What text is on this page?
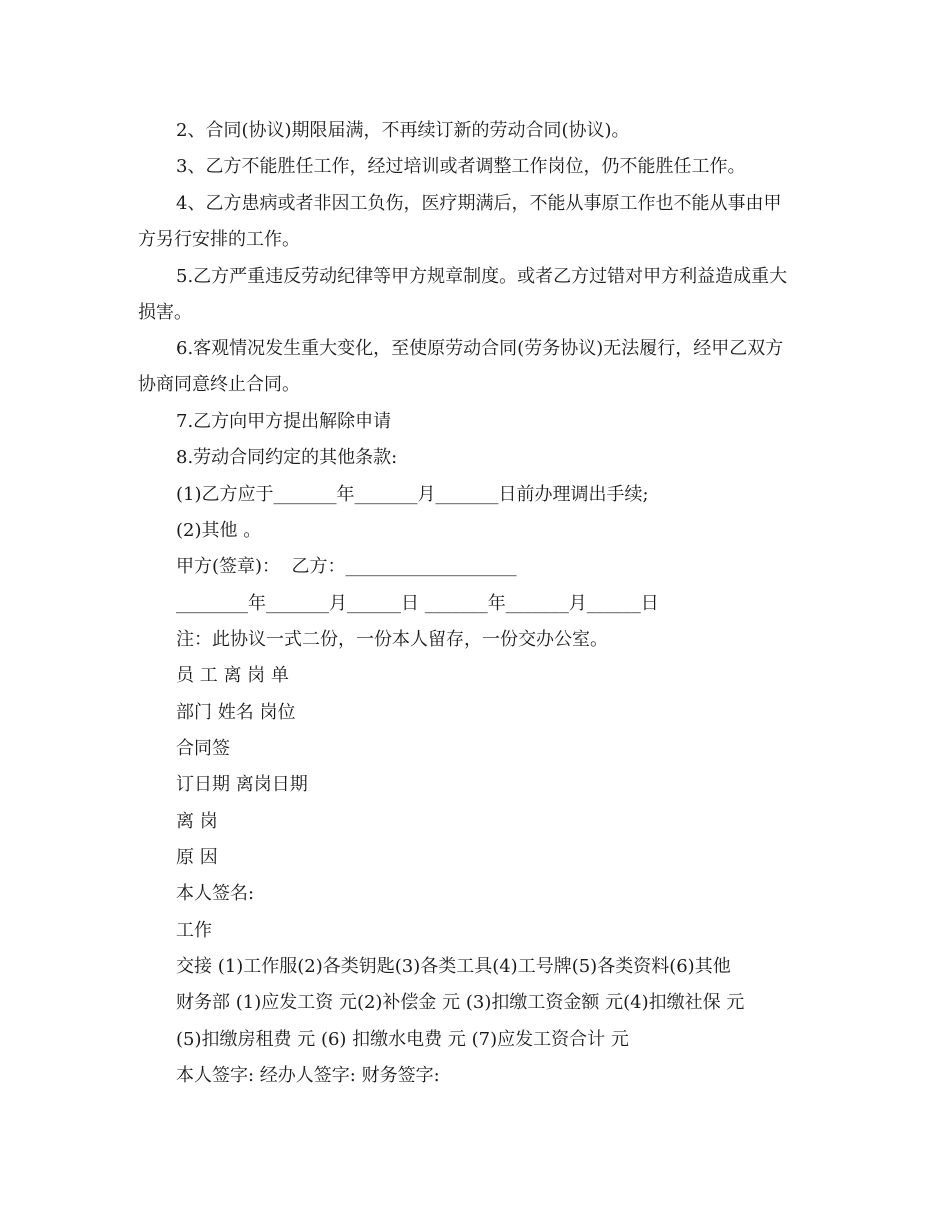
2、合同(协议)期限届满，不再续订新的劳动合同(协议)。
3、乙方不能胜任工作，经过培训或者调整工作岗位，仍不能胜任工作。
4、乙方患病或者非因工负伤，医疗期满后，不能从事原工作也不能从事由甲
方另行安排的工作。
5.乙方严重违反劳动纪律等甲方规章制度。或者乙方过错对甲方利益造成重大
损害。
6.客观情况发生重大变化，至使原劳动合同(劳务协议)无法履行，经甲乙双方
协商同意终止合同。
7.乙方向甲方提出解除申请
8.劳动合同约定的其他条款:
(1)乙方应于_______年_______月_______日前办理调出手续;
(2)其他 。
甲方(签章)：  乙方：___________________
________年_______月______日 _______年_______月______日
注：此协议一式二份，一份本人留存，一份交办公室。
员 工 离 岗 单
部门 姓名 岗位
合同签
订日期 离岗日期
离 岗
原 因
本人签名:
工作
交接 (1)工作服(2)各类钥匙(3)各类工具(4)工号牌(5)各类资料(6)其他
财务部 (1)应发工资 元(2)补偿金 元 (3)扣缴工资金额 元(4)扣缴社保 元
(5)扣缴房租费 元 (6) 扣缴水电费 元 (7)应发工资合计 元
本人签字: 经办人签字: 财务签字:
